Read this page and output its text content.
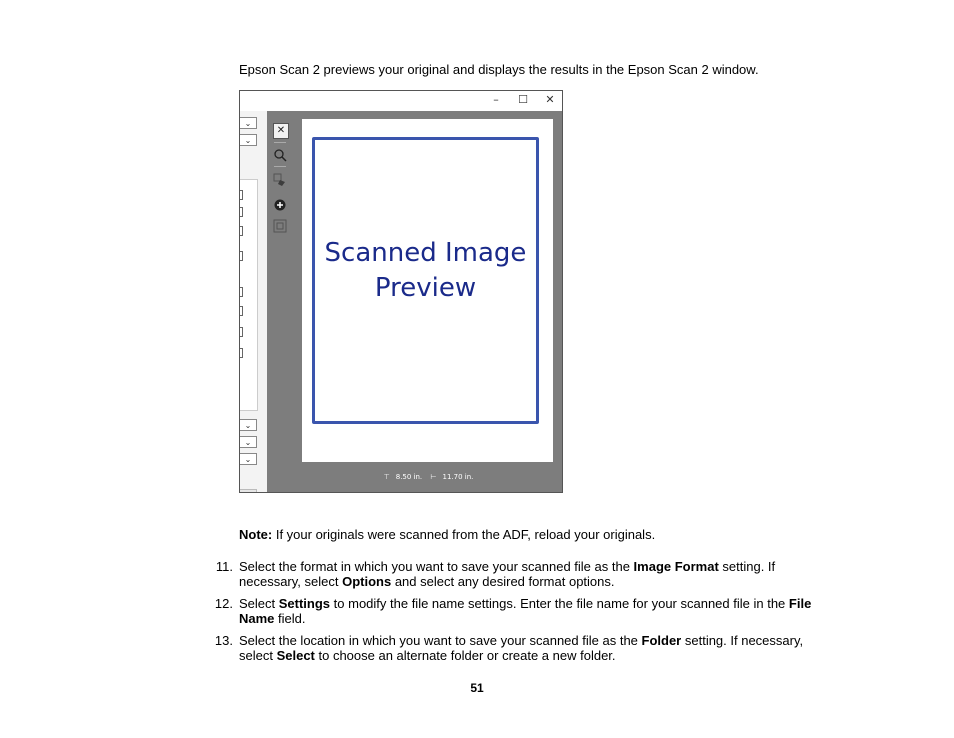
Epson Scan 2 previews your original and displays the results in the Epson Scan 2 window.
–	☐	✕
⌄
⌄
⌄
⌄
⌄
✕
Scanned Image
Preview
⊤ 8.50 in. ⊢ 11.70 in.
Note: If your originals were scanned from the ADF, reload your originals.
11. Select the format in which you want to save your scanned file as the Image Format setting. If necessary, select Options and select any desired format options.
12. Select Settings to modify the file name settings. Enter the file name for your scanned file in the File Name field.
13. Select the location in which you want to save your scanned file as the Folder setting. If necessary, select Select to choose an alternate folder or create a new folder.
51
